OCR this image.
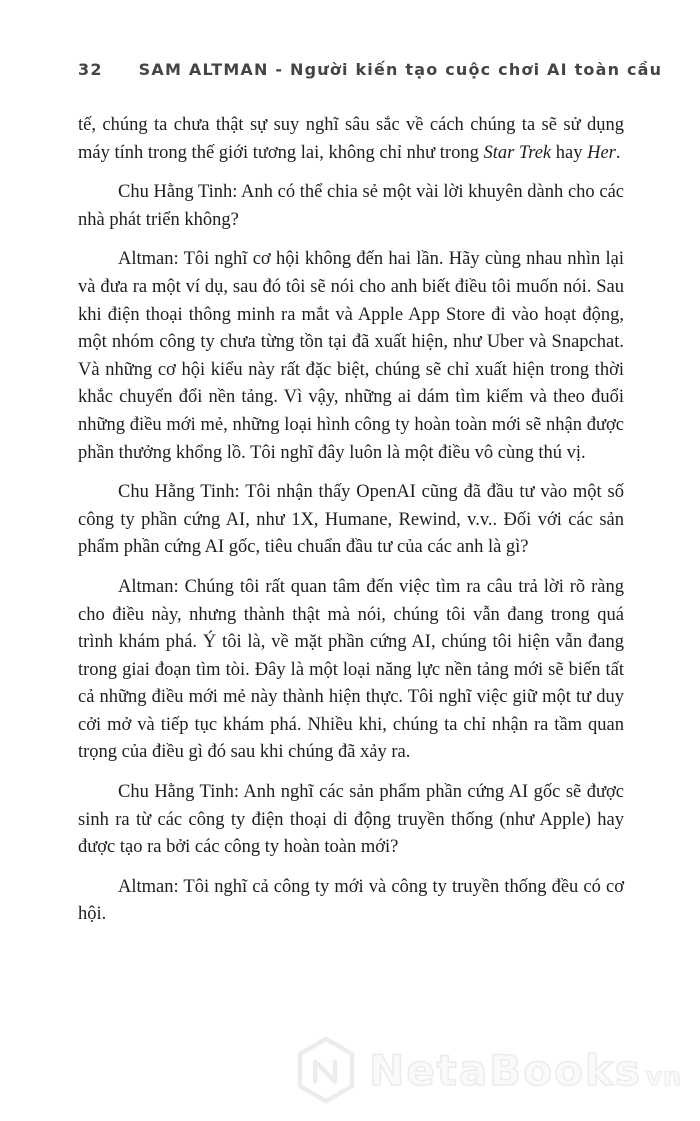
32 SAM ALTMAN - Người kiến tạo cuộc chơi AI toàn cầu

tế, chúng ta chưa thật sự suy nghĩ sâu sắc về cách chúng ta sẽ sử dụng máy tính trong thế giới tương lai, không chỉ như trong Star Trek hay Her.

Chu Hằng Tinh: Anh có thể chia sẻ một vài lời khuyên dành cho các nhà phát triển không?

Altman: Tôi nghĩ cơ hội không đến hai lần. Hãy cùng nhau nhìn lại và đưa ra một ví dụ, sau đó tôi sẽ nói cho anh biết điều tôi muốn nói. Sau khi điện thoại thông minh ra mắt và Apple App Store đi vào hoạt động, một nhóm công ty chưa từng tồn tại đã xuất hiện, như Uber và Snapchat. Và những cơ hội kiểu này rất đặc biệt, chúng sẽ chỉ xuất hiện trong thời khắc chuyển đổi nền tảng. Vì vậy, những ai dám tìm kiếm và theo đuổi những điều mới mẻ, những loại hình công ty hoàn toàn mới sẽ nhận được phần thưởng khổng lồ. Tôi nghĩ đây luôn là một điều vô cùng thú vị.

Chu Hằng Tinh: Tôi nhận thấy OpenAI cũng đã đầu tư vào một số công ty phần cứng AI, như 1X, Humane, Rewind, v.v.. Đối với các sản phẩm phần cứng AI gốc, tiêu chuẩn đầu tư của các anh là gì?

Altman: Chúng tôi rất quan tâm đến việc tìm ra câu trả lời rõ ràng cho điều này, nhưng thành thật mà nói, chúng tôi vẫn đang trong quá trình khám phá. Ý tôi là, về mặt phần cứng AI, chúng tôi hiện vẫn đang trong giai đoạn tìm tòi. Đây là một loại năng lực nền tảng mới sẽ biến tất cả những điều mới mẻ này thành hiện thực. Tôi nghĩ việc giữ một tư duy cởi mở và tiếp tục khám phá. Nhiều khi, chúng ta chỉ nhận ra tầm quan trọng của điều gì đó sau khi chúng đã xảy ra.

Chu Hằng Tinh: Anh nghĩ các sản phẩm phần cứng AI gốc sẽ được sinh ra từ các công ty điện thoại di động truyền thống (như Apple) hay được tạo ra bởi các công ty hoàn toàn mới?

Altman: Tôi nghĩ cả công ty mới và công ty truyền thống đều có cơ hội.

NetaBooks vn
